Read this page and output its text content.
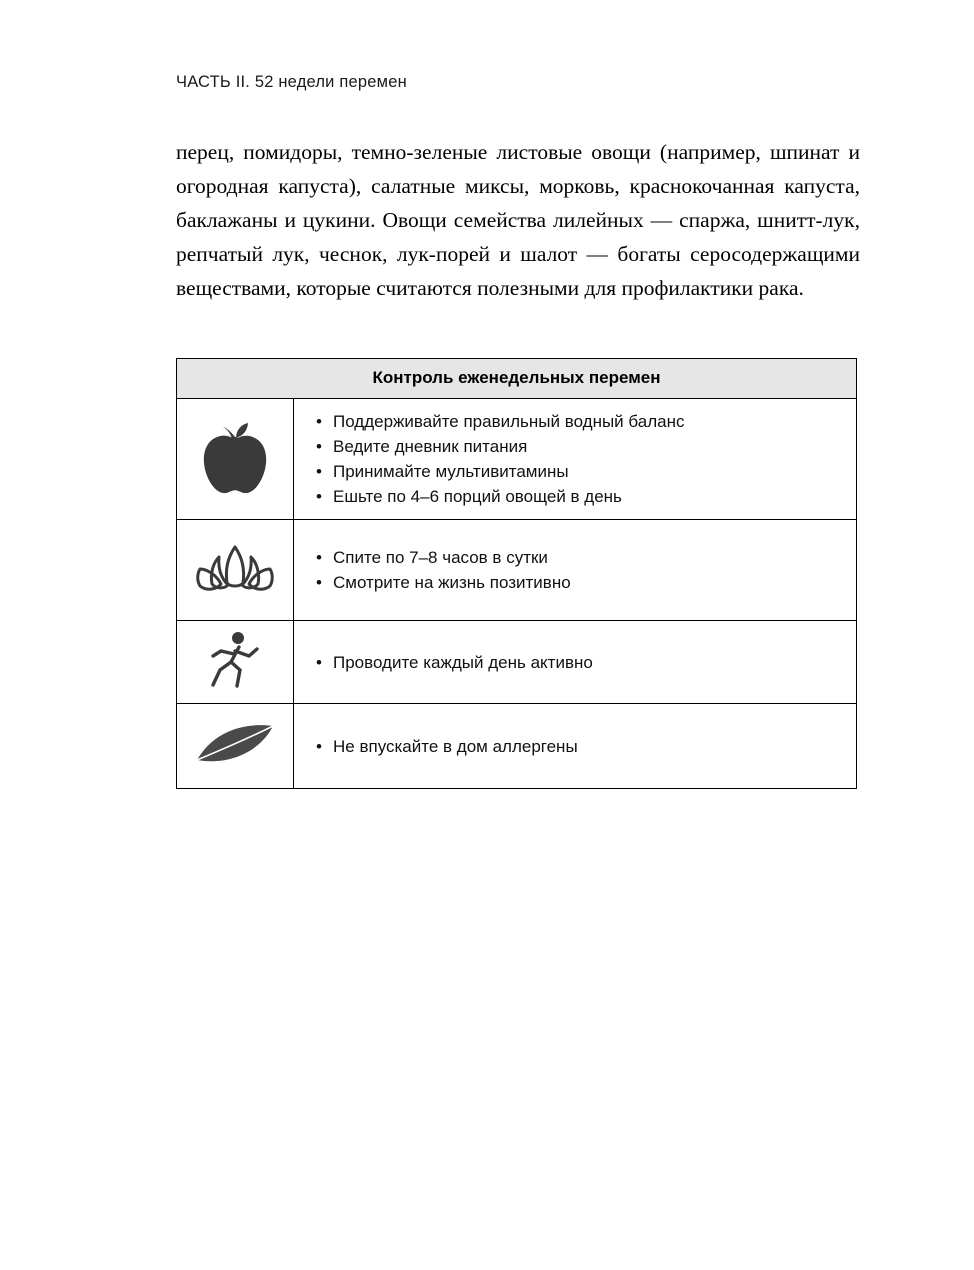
ЧАСТЬ II. 52 недели перемен

перец, помидоры, темно-зеленые листовые овощи (например, шпинат и огородная капуста), салатные миксы, морковь, краснокочанная капуста, баклажаны и цукини. Овощи семейства лилейных — спаржа, шнитт-лук, репчатый лук, чеснок, лук-порей и шалот — богаты серосодержащими веществами, которые считаются полезными для профилактики рака.

Контроль еженедельных перемен
• Поддерживайте правильный водный баланс
• Ведите дневник питания
• Принимайте мультивитамины
• Ешьте по 4–6 порций овощей в день
• Спите по 7–8 часов в сутки
• Смотрите на жизнь позитивно
• Проводите каждый день активно
• Не впускайте в дом аллергены
